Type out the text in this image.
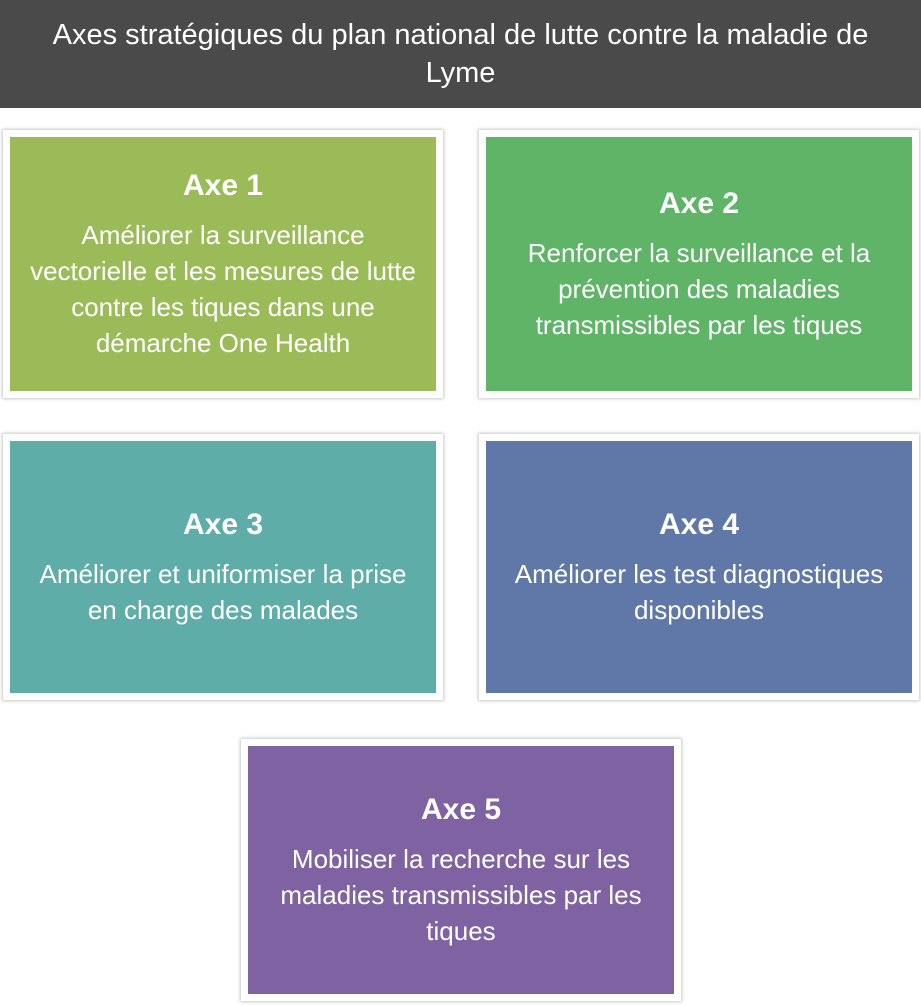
Axes stratégiques du plan national de lutte contre la maladie de Lyme
Axe 1
Améliorer la surveillance vectorielle et les mesures de lutte contre les tiques dans une démarche One Health
Axe 2
Renforcer la surveillance et la prévention des maladies transmissibles par les tiques
Axe 3
Améliorer et uniformiser la prise en charge des malades
Axe 4
Améliorer les test diagnostiques disponibles
Axe 5
Mobiliser la recherche sur les maladies transmissibles par les tiques
